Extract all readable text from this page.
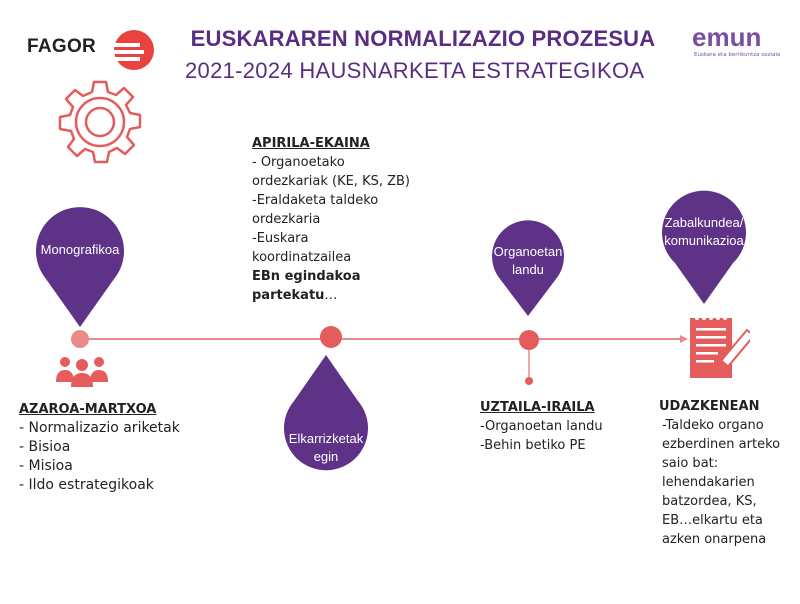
FAGOR	EUSKARAREN NORMALIZAZIO PROZESUA
2021-2024 HAUSNARKETA ESTRATEGIKOA
emun
Euskara eta berrikuntza soziala
Monografikoa
Elkarrizketak
egin
Organoetan
landu
Zabalkundea/
komunikazioa
AZAROA-MARTXOA
- Normalizazio ariketak
- Bisioa
- Misioa
- Ildo estrategikoak
APIRILA-EKAINA
- Organoetako
ordezkariak (KE, KS, ZB)
-Eraldaketa taldeko
ordezkaria
-Euskara
koordinatzailea
EBn egindakoa
partekatu…
UZTAILA-IRAILA
-Organoetan landu
-Behin betiko PE
UDAZKENEAN
-Taldeko organo
ezberdinen arteko
saio bat:
lehendakarien
batzordea, KS,
EB…elkartu eta
azken onarpena
